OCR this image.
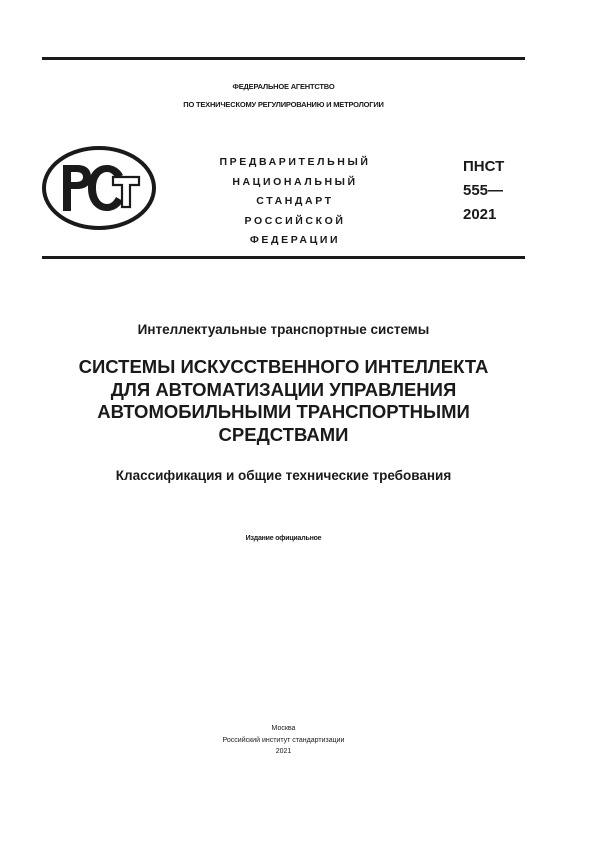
ФЕДЕРАЛЬНОЕ АГЕНТСТВО
ПО ТЕХНИЧЕСКОМУ РЕГУЛИРОВАНИЮ И МЕТРОЛОГИИ
ПРЕДВАРИТЕЛЬНЫЙ
НАЦИОНАЛЬНЫЙ
СТАНДАРТ
РОССИЙСКОЙ
ФЕДЕРАЦИИ
ПНСТ
555—
2021
Интеллектуальные транспортные системы
СИСТЕМЫ ИСКУССТВЕННОГО ИНТЕЛЛЕКТА
ДЛЯ АВТОМАТИЗАЦИИ УПРАВЛЕНИЯ
АВТОМОБИЛЬНЫМИ ТРАНСПОРТНЫМИ
СРЕДСТВАМИ
Классификация и общие технические требования
Издание официальное
Москва
Российский институт стандартизации
2021
